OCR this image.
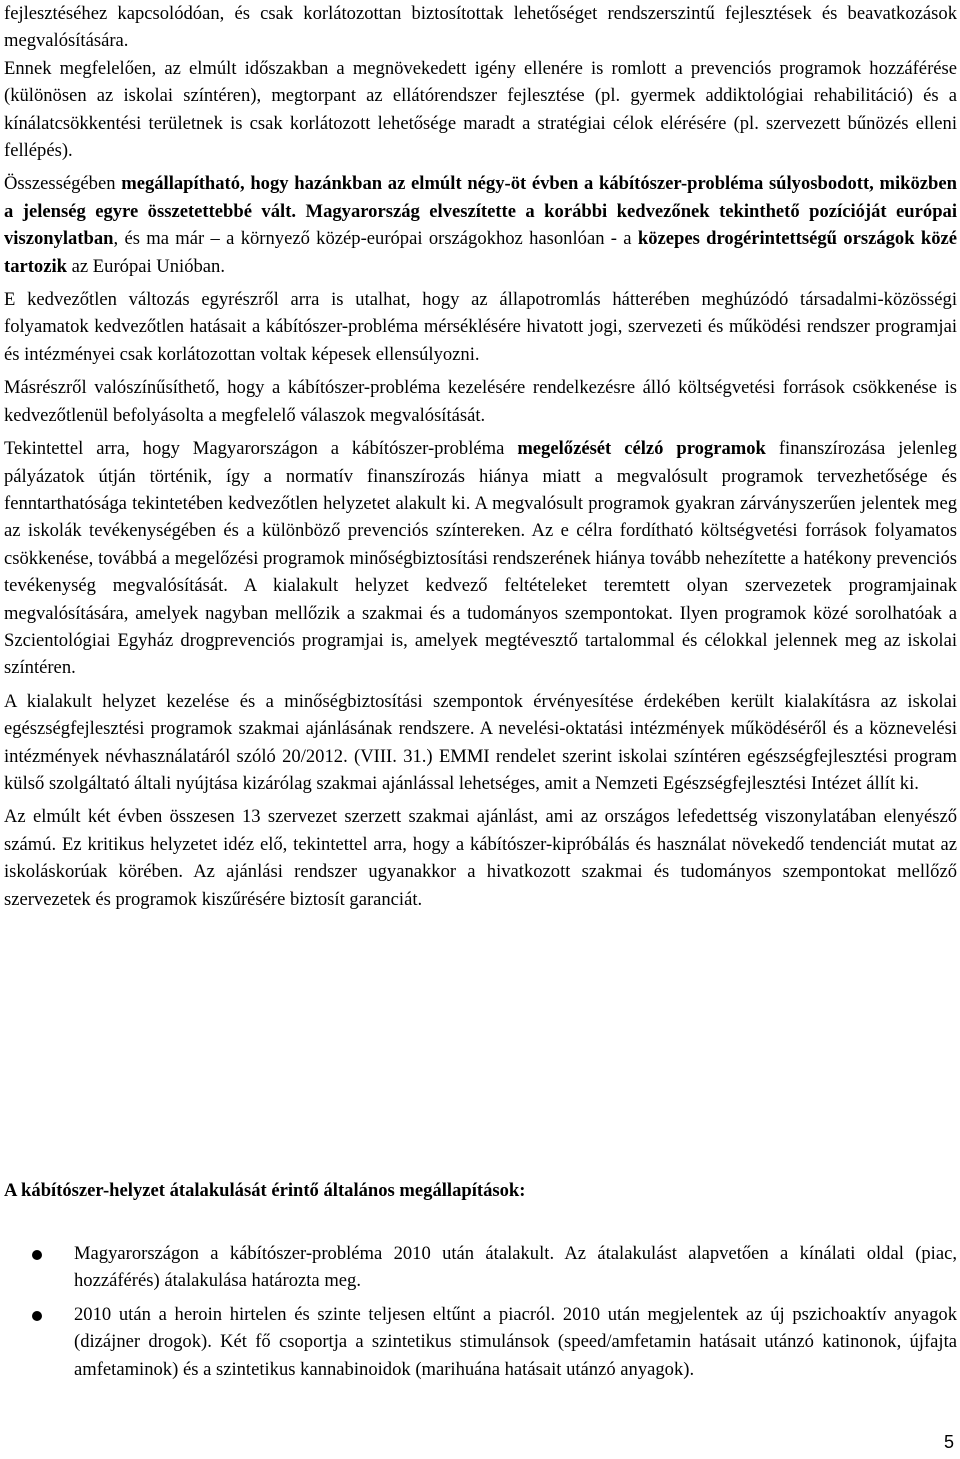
fejlesztéséhez kapcsolódóan, és csak korlátozottan biztosítottak lehetőséget rendszerszintű fejlesztések és beavatkozások megvalósítására.

Ennek megfelelően, az elmúlt időszakban a megnövekedett igény ellenére is romlott a prevenciós programok hozzáférése (különösen az iskolai színtéren), megtorpant az ellátórendszer fejlesztése (pl. gyermek addiktológiai rehabilitáció) és a kínálatcsökkentési területnek is csak korlátozott lehetősége maradt a stratégiai célok elérésére (pl. szervezett bűnözés elleni fellépés).

Összességében megállapítható, hogy hazánkban az elmúlt négy-öt évben a kábítószer-probléma súlyosbodott, miközben a jelenség egyre összetettebbé vált. Magyarország elveszítette a korábbi kedvezőnek tekinthető pozícióját európai viszonylatban, és ma már – a környező közép-európai országokhoz hasonlóan - a közepes drogérintettségű országok közé tartozik az Európai Unióban.

E kedvezőtlen változás egyrészről arra is utalhat, hogy az állapotromlás hátterében meghúzódó társadalmi-közösségi folyamatok kedvezőtlen hatásait a kábítószer-probléma mérséklésére hivatott jogi, szervezeti és működési rendszer programjai és intézményei csak korlátozottan voltak képesek ellensúlyozni.

Másrészről valószínűsíthető, hogy a kábítószer-probléma kezelésére rendelkezésre álló költségvetési források csökkenése is kedvezőtlenül befolyásolta a megfelelő válaszok megvalósítását.

Tekintettel arra, hogy Magyarországon a kábítószer-probléma megelőzését célzó programok finanszírozása jelenleg pályázatok útján történik, így a normatív finanszírozás hiánya miatt a megvalósult programok tervezhetősége és fenntarthatósága tekintetében kedvezőtlen helyzetet alakult ki. A megvalósult programok gyakran zárványszerűen jelentek meg az iskolák tevékenységében és a különböző prevenciós színtereken. Az e célra fordítható költségvetési források folyamatos csökkenése, továbbá a megelőzési programok minőségbiztosítási rendszerének hiánya tovább nehezítette a hatékony prevenciós tevékenység megvalósítását. A kialakult helyzet kedvező feltételeket teremtett olyan szervezetek programjainak megvalósítására, amelyek nagyban mellőzik a szakmai és a tudományos szempontokat. Ilyen programok közé sorolhatóak a Szcientológiai Egyház drogprevenciós programjai is, amelyek megtévesztő tartalommal és célokkal jelennek meg az iskolai színtéren.

A kialakult helyzet kezelése és a minőségbiztosítási szempontok érvényesítése érdekében került kialakításra az iskolai egészségfejlesztési programok szakmai ajánlásának rendszere. A nevelési-oktatási intézmények működéséről és a köznevelési intézmények névhasználatáról szóló 20/2012. (VIII. 31.) EMMI rendelet szerint iskolai színtéren egészségfejlesztési program külső szolgáltató általi nyújtása kizárólag szakmai ajánlással lehetséges, amit a Nemzeti Egészségfejlesztési Intézet állít ki.

Az elmúlt két évben összesen 13 szervezet szerzett szakmai ajánlást, ami az országos lefedettség viszonylatában elenyésző számú. Ez kritikus helyzetet idéz elő, tekintettel arra, hogy a kábítószer-kipróbálás és használat növekedő tendenciát mutat az iskoláskorúak körében. Az ajánlási rendszer ugyanakkor a hivatkozott szakmai és tudományos szempontokat mellőző szervezetek és programok kiszűrésére biztosít garanciát.

A kábítószer-helyzet átalakulását érintő általános megállapítások:

Magyarországon a kábítószer-probléma 2010 után átalakult. Az átalakulást alapvetően a kínálati oldal (piac, hozzáférés) átalakulása határozta meg.
2010 után a heroin hirtelen és szinte teljesen eltűnt a piacról. 2010 után megjelentek az új pszichoaktív anyagok (dizájner drogok). Két fő csoportja a szintetikus stimulánsok (speed/amfetamin hatásait utánzó katinonok, újfajta amfetaminok) és a szintetikus kannabinoidok (marihuána hatásait utánzó anyagok).
5
